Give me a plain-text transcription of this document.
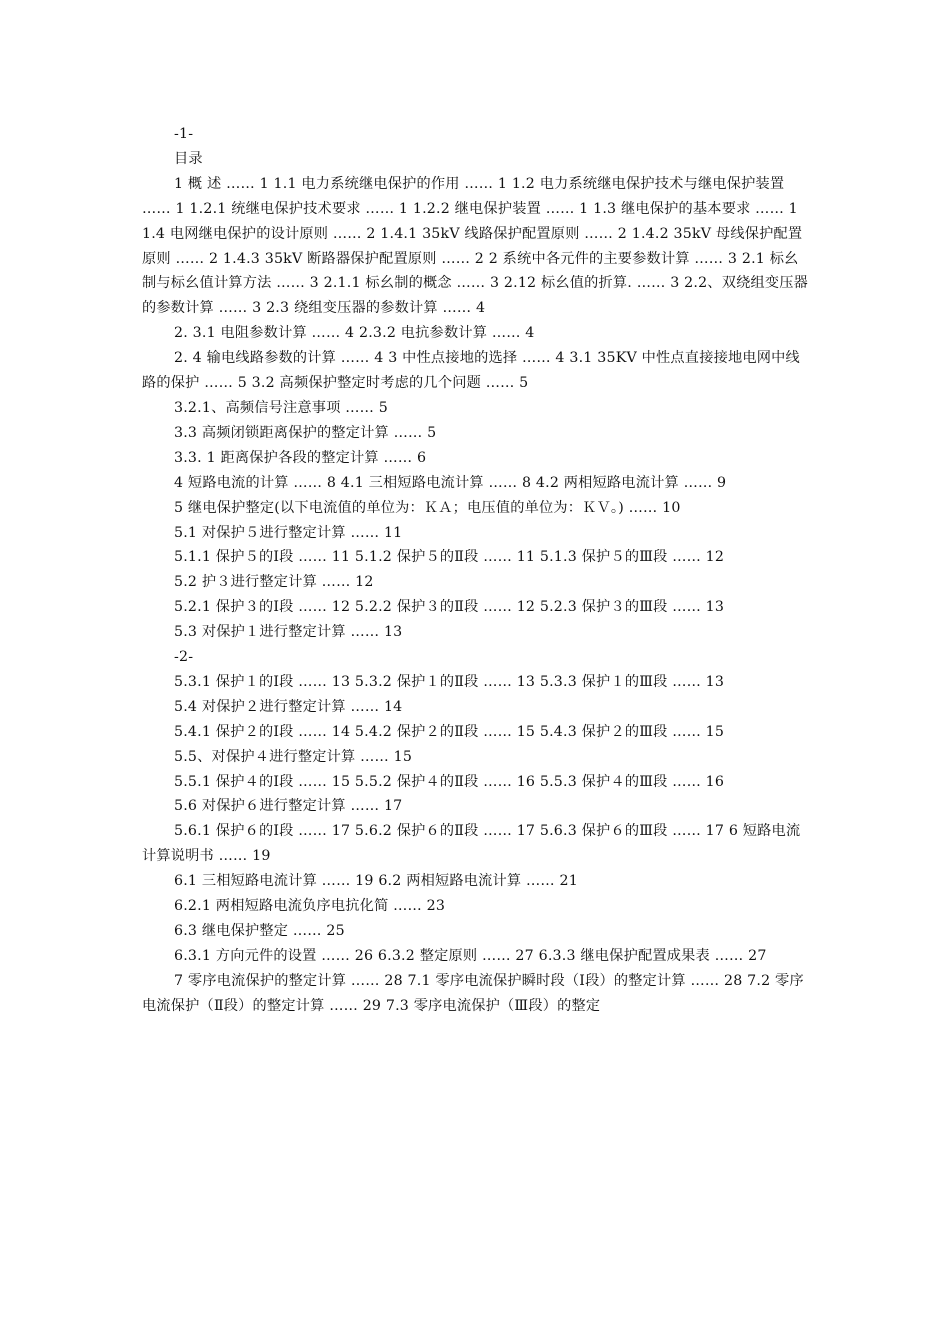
-1-
目录
1 概 述 …… 1 1.1 电力系统继电保护的作用 …… 1 1.2 电力系统继电保护技术与继电保护装置 …… 1 1.2.1 统继电保护技术要求 …… 1 1.2.2 继电保护装置 …… 1 1.3 继电保护的基本要求 …… 1 1.4 电网继电保护的设计原则 …… 2 1.4.1 35kV 线路保护配置原则 …… 2 1.4.2 35kV 母线保护配置原则 …… 2 1.4.3 35kV 断路器保护配置原则 …… 2 2 系统中各元件的主要参数计算 …… 3 2.1 标幺制与标幺值计算方法 …… 3 2.1.1 标幺制的概念 …… 3 2.12 标幺值的折算. …… 3 2.2、双绕组变压器的参数计算 …… 3 2.3 绕组变压器的参数计算 …… 4
2. 3.1 电阻参数计算 …… 4 2.3.2 电抗参数计算 …… 4
2. 4 输电线路参数的计算 …… 4 3 中性点接地的选择 …… 4 3.1 35KV 中性点直接接地电网中线路的保护 …… 5 3.2 高频保护整定时考虑的几个问题 …… 5
3.2.1、高频信号注意事项 …… 5
3.3 高频闭锁距离保护的整定计算 …… 5
3.3. 1 距离保护各段的整定计算 …… 6
4 短路电流的计算 …… 8 4.1 三相短路电流计算 …… 8 4.2 两相短路电流计算 …… 9
5 继电保护整定(以下电流值的单位为：ＫＡ；电压值的单位为：ＫＶ。) …… 10
5.1 对保护５进行整定计算 …… 11
5.1.1 保护５的Ⅰ段 …… 11 5.1.2 保护５的Ⅱ段 …… 11 5.1.3 保护５的Ⅲ段 …… 12
5.2 护３进行整定计算 …… 12
5.2.1 保护３的Ⅰ段 …… 12 5.2.2 保护３的Ⅱ段 …… 12 5.2.3 保护３的Ⅲ段 …… 13
5.3 对保护１进行整定计算 …… 13
-2-
5.3.1 保护１的Ⅰ段 …… 13 5.3.2 保护１的Ⅱ段 …… 13 5.3.3 保护１的Ⅲ段 …… 13
5.4 对保护２进行整定计算 …… 14
5.4.1 保护２的Ⅰ段 …… 14 5.4.2 保护２的Ⅱ段 …… 15 5.4.3 保护２的Ⅲ段 …… 15
5.5、对保护４进行整定计算 …… 15
5.5.1 保护４的Ⅰ段 …… 15 5.5.2 保护４的Ⅱ段 …… 16 5.5.3 保护４的Ⅲ段 …… 16
5.6 对保护６进行整定计算 …… 17
5.6.1 保护６的Ⅰ段 …… 17 5.6.2 保护６的Ⅱ段 …… 17 5.6.3 保护６的Ⅲ段 …… 17 6 短路电流计算说明书 …… 19
6.1 三相短路电流计算 …… 19 6.2 两相短路电流计算 …… 21
6.2.1 两相短路电流负序电抗化简 …… 23
6.3 继电保护整定 …… 25
6.3.1 方向元件的设置 …… 26 6.3.2 整定原则 …… 27 6.3.3 继电保护配置成果表 …… 27
7 零序电流保护的整定计算 …… 28 7.1 零序电流保护瞬时段（Ⅰ段）的整定计算 …… 28 7.2 零序电流保护（Ⅱ段）的整定计算 …… 29 7.3 零序电流保护（Ⅲ段）的整定
